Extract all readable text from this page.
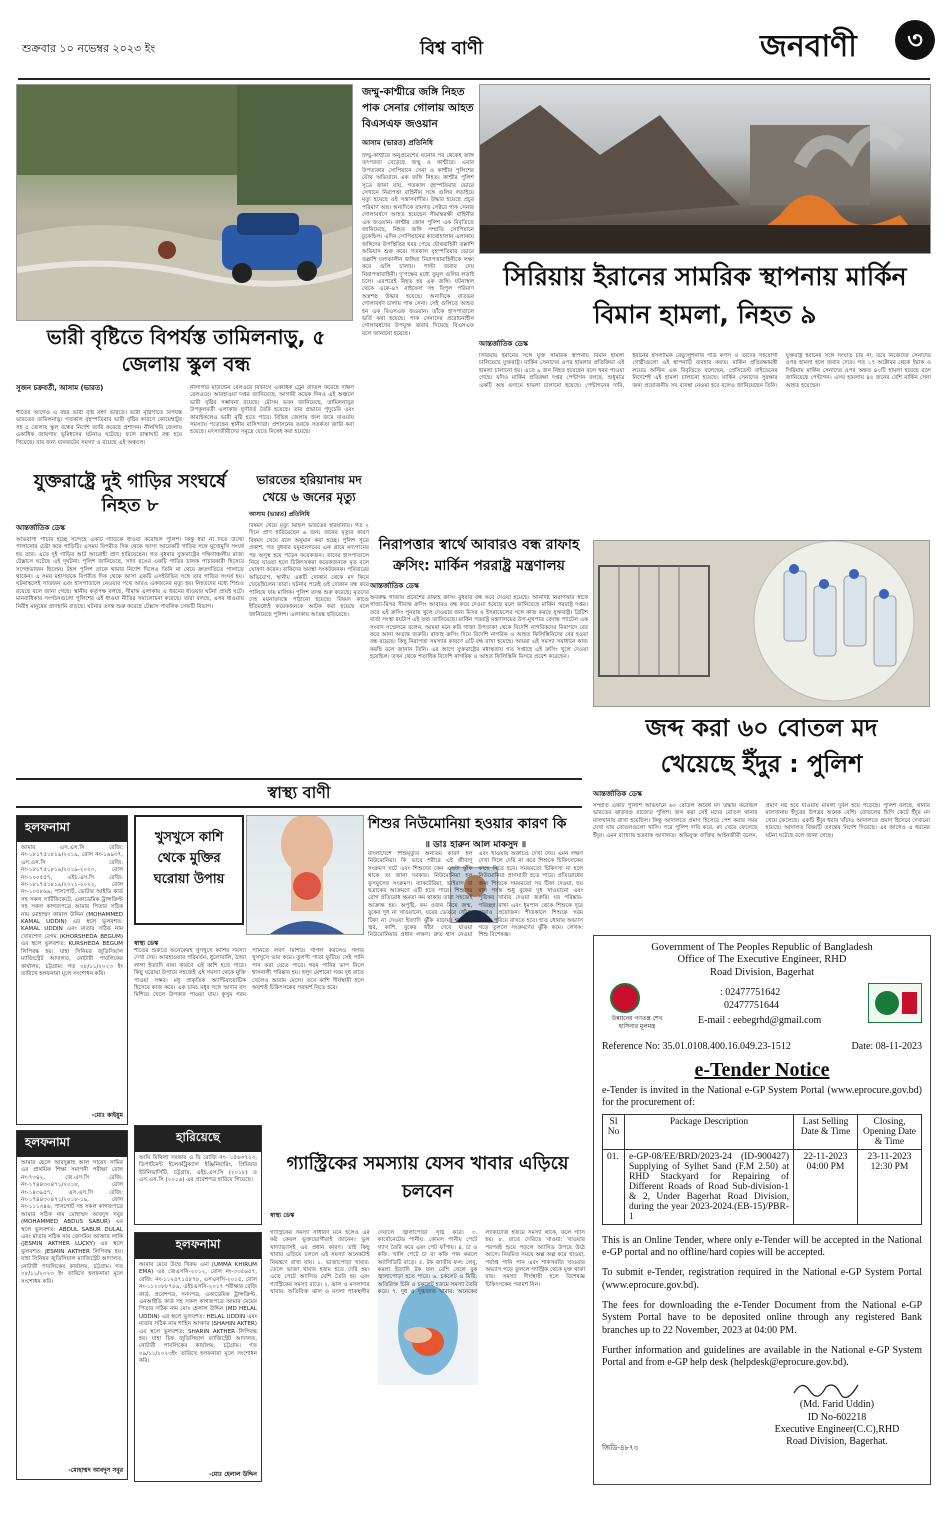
শুক্রবার ১০ নভেম্বর ২০২৩ ইং	বিশ্ব বাণী	জনবাণী	৩
জম্মু-কাশ্মীরে জঙ্গি নিহত পাক সেনার গোলায় আহত বিএসএফ জওয়ান
আসাম (ভারত) প্রতিনিধি
জম্মু-কাশ্মীরে অনুপ্রবেশের ঘটনার পর থেকেই জঙ্গি তৎপরতা বেড়েছে জম্মু ও কাশ্মীরে। এবার উপত্যকার সোপিয়ানে সেনা ও কাশ্মীর পুলিশের যৌথ অভিযানে এক জঙ্গি নিহত। কাশ্মীর পুলিশ সূত্রে জানা যায়, গতকাল বৃহস্পতিবার ভোরে সেখানে নিরাপত্তা বাহিনীর সঙ্গে গুলির লড়াইয়ে মৃত্যু হয়েছে ওই সন্ত্রাসবাদীর। উদ্ধার হয়েছে প্রচুর পরিমাণ অস্ত্র। অন্যদিকে রামগড় সেক্টরে পাক সেনার গোলাবর্ষণে আহত হয়েছেন সীমান্তরক্ষী বাহিনীর এক জওয়ান। কাশ্মীর জোন পুলিশ এক বিবৃতিতে জানিয়েছে, নিহত জঙ্গি সম্প্রতি সোপিয়ানে ঢুকেছিল। এদিন সোপিয়ানের কাথোহালান এলাকায় জঙ্গিদের উপস্থিতির খবর পেয়ে যৌথবাহিনী তল্লাশি অভিযান শুরু করে। গতকাল বৃহস্পতিবার ভোরে তল্লাশি চলাকালীন জঙ্গিরা নিরাপত্তাবাহিনীকে লক্ষ্য করে গুলি চালায়। পাল্টা জবাব দেয় নিরাপত্তাবাহিনী। দু'পক্ষের মধ্যে তুমুল গুলির লড়াই চলে। এরপরেই নিহত হয় এক জঙ্গি। ঘটনাস্থল থেকে একে-৪৭ রাইফেল সহ বিপুল পরিমাণ অস্ত্রশস্ত্র উদ্ধার হয়েছে। অন্যদিকে রাতভর গোলাবর্ষণ চালায় পাক সেনা। সেই গুলিতে আহত হন এক বিএসএফ জওয়ান। তাঁকে হাসপাতালে ভর্তি করা হয়েছে। পাক সেনাদের প্ররোচনাহীন গোলাবর্ষণের উপযুক্ত জবাব দিয়েছে বিএসএফ বলে জানানো হয়েছে।
সিরিয়ায় ইরানের সামরিক স্থাপনায় মার্কিন বিমান হামলা, নিহত ৯
আন্তর্জাতিক ডেস্ক
সিরিয়ায় ইরানের সঙ্গে যুক্ত সামরিক স্থাপনায় বিমান হামলা চালিয়েছে যুক্তরাষ্ট্র। মার্কিন সেনাদের ওপর হামলার প্রতিক্রিয়া এই হামলা চালানো হয়। এতে ৯ জন নিহত হয়েছেন বলে খবর পাওয়া গেছে। যদিও মার্কিন প্রতিরক্ষা দপ্তর পেন্টাগন বলছে, শুধুমাত্র একটি অস্ত্র গুদামে হামলা চালানো হয়েছে। পেন্টাগনের দাবি, ইরানের ইসলামিক রেভ্যুলুশনারি গার্ড কর্পস ও তাদের সহযোগী গোষ্ঠীগুলো এই স্থাপনাটি ব্যবহার করত। মার্কিন প্রতিরক্ষামন্ত্রী লয়েড অস্টিন এক বিবৃতিতে বলেছেন, প্রেসিডেন্ট বাইডেনের নির্দেশেই এই হামলা চালানো হয়েছে। মার্কিন সেনাদের সুরক্ষার জন্য প্রয়োজনীয় সব ব্যবস্থা নেওয়া হবে বলেও জানিয়েছেন তিনি। যুক্তরাষ্ট্র ইরানের সঙ্গে সংঘাত চায় না, তবে নিজেদের সেনাদের ওপর হামলা হলে জবাব দেবে। গত ১৭ অক্টোবর থেকে ইরাক ও সিরিয়ায় মার্কিন সেনাদের ওপর অন্তত ৪০টি হামলা হয়েছে বলে জানিয়েছে পেন্টাগন। এসব হামলায় ৪৫ জনের বেশি মার্কিন সেনা আহত হয়েছেন।
ভারী বৃষ্টিতে বিপর্যস্ত তামিলনাড়ু, ৫ জেলায় স্কুল বন্ধ
সুজন চক্রবর্তী, আসাম (ভারত)
শীতের আগেও এ বছর ভারী বৃষ্টি বর্ষণ ভারতে। ভারী বৃষ্টিপাতে বিপর্যস্ত ভারতের তামিলনাড়ু। গতকাল বৃহস্পতিবার ভারী বৃষ্টির কারণে কোয়েম্বাটুর সহ ৫ জেলায় স্কুল বন্ধের নির্দেশ জারি করেছে প্রশাসন। নীলগিরি জেলায় একাধিক জায়গায় ভূমিধসের ঘটনাও ঘটেছে। ফলে রাস্তাঘাট বন্ধ হয়ে গিয়েছে। যার জন্য যানজটের সমস্যা ও রয়েছে এই অঞ্চলে।
নীলগিরি মাউন্টেন রেলওয়ে বিভাগে একাধিক ট্রেন বাতিল করেছে দক্ষিণ রেলওয়ে। আবহাওয়া দপ্তর জানিয়েছে, আগামী কয়েক দিনও এই অঞ্চলে ভারী বৃষ্টির সম্ভাবনা রয়েছে। মৌসম ভবন জানিয়েছে, তামিলনাড়ুর উপকূলবর্তী এলাকায় ঘূর্ণাবর্ত তৈরি হয়েছে। তার প্রভাবে পুদুচেরি এবং কারাইকলেও ভারী বৃষ্টি হতে পারে। বিভিন্ন জেলায় জল জমে যাওয়ায় সমস্যায় পড়েছেন স্থানীয় বাসিন্দারা। প্রশাসনের তরফে সতর্কতা জারি করা হয়েছে। মৎস্যজীবীদের সমুদ্রে যেতে নিষেধ করা হয়েছে।
যুক্তরাষ্ট্রে দুই গাড়ির সংঘর্ষে নিহত ৮
আন্তর্জাতিক ডেস্ক
অভিবাসী পাচার হচ্ছে সন্দেহে একটি গাড়িকে ধাওয়া করেছিল পুলিশ। কিন্তু ধরা না দিয়ে উল্টো পালানোর চেষ্টা করে গাড়িটি। এসময় বিপরীত দিক থেকে আসা আরেকটি গাড়ির সঙ্গে মুখোমুখি সংঘর্ষ হয় তার। এতে দুই গাড়ির আট আরোহী প্রাণ হারিয়েছেন। গত বুধবার যুক্তরাষ্ট্রের দক্ষিণাঞ্চলীয় রাজ্য টেক্সাসে ঘটেছে এই দুর্ঘটনা। পুলিশ জানিয়েছে, সাদা রঙের একটি গাড়ির চালক পাচারকারী হিসেবে সন্দেহভাজন ছিলেন। টহল পুলিশ তাকে থামার নির্দেশ দিলেও তিনি না থেমে দ্রুতগতিতে পালাতে থাকেন। এ সময় মহাসড়কে বিপরীত দিক থেকে আসা একটি এসইউভির সঙ্গে তার গাড়ির সংঘর্ষ হয়। ঘটনাস্থলেই সাতজন এবং হাসপাতালে নেওয়ার পথে আরও একজনের মৃত্যু হয়। নিহতদের মধ্যে শিশুও রয়েছে বলে জানা গেছে। স্থানীয় কর্তৃপক্ষ বলছে, সীমান্ত এলাকায় এ ধরনের ধাওয়ার ঘটনা প্রায়ই ঘটে। মানবাধিকার সংগঠনগুলো পুলিশের এই ধাওয়া নীতির সমালোচনা করেছে। তারা বলছে, এসব ধাওয়ায় নিরীহ মানুষের প্রাণহানি বাড়ছে। ঘটনার তদন্ত শুরু করেছে টেক্সাস পাবলিক সেফটি বিভাগ।
ভারতের হরিয়ানায় মদ খেয়ে ৬ জনের মৃত্যু
আসাম (ভারত) প্রতিনিধি
বিষমদ খেয়ে মৃত্যু মিছিল ভারতের হরিয়ানায়। গত ২ দিনে প্রাণ হারিয়েছেন ৬ জন। জনের মৃত্যুর কারণ বিষমদ খেয়ে বলে অনুমান করা হচ্ছে। পুলিশ সূত্রে প্রকাশ, গত বুধবার যমুনানগরের এক গ্রামে মদ্যপানের পর অসুস্থ হয়ে পড়েন কয়েকজন। তাদের হাসপাতালে নিয়ে যাওয়া হলে চিকিৎসকরা কয়েকজনকে মৃত বলে ঘোষণা করেন। বাকিদের অবস্থা সংকটজনক। পরিবারের অভিযোগ, স্থানীয় একটি দোকান থেকে মদ কিনে খেয়েছিলেন তারা। ঘটনার পরেই ওই দোকান বন্ধ করে পালিয়ে যায় মালিক। পুলিশ তদন্ত শুরু করেছে। মৃতদের দেহ ময়নাতদন্তে পাঠানো হয়েছে। বিষমদ কাণ্ডে ইতিমধ্যেই কয়েকজনকে আটক করা হয়েছে বলে জানিয়েছে পুলিশ। এলাকায় আতঙ্ক ছড়িয়েছে।
নিরাপত্তার স্বার্থে আবারও বন্ধ রাফাহ ক্রসিং: মার্কিন পররাষ্ট্র মন্ত্রণালয়
আন্তর্জাতিক ডেস্ক
অবরুদ্ধ গাজায় প্রবেশের রাফাহ ক্রসিং বুধবার বন্ধ করে দেওয়া হয়েছে। অনির্দিষ্ট নিরাপত্তার স্বার্থে গাজা-মিসর সীমান্ত ক্রসিং আবারও বন্ধ করে দেওয়া হয়েছে বলে জানিয়েছে মার্কিন পররাষ্ট্র দপ্তর। তবে এই ক্রসিং পুনরায় খুলে দেওয়ার জন্য মিসর ও ইসরায়েলের সঙ্গে কাজ করছে যুক্তরাষ্ট্র। ব্রিটিশ বার্তা সংস্থা রয়টার্স এই তথ্য জানিয়েছে। মার্কিন পররাষ্ট্র মন্ত্রণালয়ের উপ-মুখপাত্র বেদান্ত প্যাটেল এক সংবাদ সম্মেলনে বলেন, আমরা মনে করি গাজা উপত্যকা থেকে বিদেশি নাগরিকদের নিরাপদে বের করে আনা অত্যন্ত জরুরি। রাফাহ ক্রসিং দিয়ে বিদেশি নাগরিক ও আহত ফিলিস্তিনিদের বের হওয়া বন্ধ রয়েছে। কিছু নিরাপত্তা সমস্যার কারণে এটি বন্ধ রাখা হয়েছে। আমরা এই সমস্যা সমাধানে কাজ করছি বলে জানান তিনি। এর আগে যুক্তরাষ্ট্রের মধ্যস্থতায় গত সপ্তাহে এই ক্রসিং খুলে দেওয়া হয়েছিল। তখন থেকে শতাধিক বিদেশি নাগরিক ও আহত ফিলিস্তিনি মিসরে প্রবেশ করেছেন।
জব্দ করা ৬০ বোতল মদ খেয়েছে ইঁদুর : পুলিশ
আন্তর্জাতিক ডেস্ক
সম্প্রতি একটি পুলিশি অভিযানে ৬০ বোতল অবৈধ মদ উদ্ধার করেছিল ভারতের ঝাড়খণ্ড রাজ্যের পুলিশ। জব্দ করা সেই মদের বোতল থানার মালখানায় রাখা হয়েছিল। কিন্তু আদালতে প্রমাণ হিসেবে পেশ করার সময় দেখা যায় বোতলগুলো খালি। পরে পুলিশ দাবি করে, মদ খেয়ে ফেলেছে ইঁদুর। এমন ব্যাখ্যায় হতবাক আদালত। অভিযুক্ত ব্যক্তির আইনজীবী বলেন, প্রমাণ নষ্ট হয়ে যাওয়ায় মামলা দুর্বল হয়ে পড়েছে। পুলিশ বলছে, থানার মালখানায় ইঁদুরের উপদ্রব অনেক বেশি। বোতলের ছিপি কেটে ইঁদুর মদ খেয়ে ফেলেছে। একটি ইঁদুর ধরার খাঁচাও আদালতে প্রমাণ হিসেবে দেখানো হয়েছে। আদালত বিষয়টি তদন্তের নির্দেশ দিয়েছে। এর আগেও এ ধরনের ঘটনা ঘটেছে বলে জানা গেছে।
স্বাস্থ্য বাণী
হলফনামা
আমার এস.এস.সি রেজি: নং-১৮১৭৫১৮১৯/২০১৯, রোল নং-১৬৯৩৭, এস.এস.সি রেজি: নং-১৮১৭৫১৮১৯/২০১৯-২০২০, রোল নং-১০০৫৫৭, এইচ.এস.সি রেজি: নং-১৮১৭৫১৮১৯/২০২১-২০২২, রোল নং-১০৫৮৬৯, পাসপোর্ট, ভোটার আইডি কার্ড সহ সকল সার্টিফিকেটে, একাডেমিক ট্রান্সক্রিপ্ট সহ সকল কাগজপত্রে আমার পিতার সঠিক নাম মোহাম্মদ কামাল উদ্দিন (MOHAMMED KAMAL UDDIN) এর স্থলে ভুলবশত: KAMAL UDDIN এবং মাতার সঠিক নাম খোরশেদা বেগম (KHORSHEDA BEGUM) এর স্থলে ভুলবশত: KURSHEDA BEGUM লিপিবদ্ধ হয়। যাহা সিনিয়র জুডিসিয়াল ম্যাজিস্ট্রেট আদালত, নোটারী পাবলিকের কার্যালয়, চট্টগ্রাম। গত ০৮/১১/২০২৩ ইং তারিখে হলফনামা মূলে সংশোধন করি।
-মোঃ কাইয়ুম
হলফনামা
আমার ছেলে আবদুল্লাহ আল সায়েদ সামির এর প্রাথমিক শিক্ষা সমাপনী পরীক্ষা রোল নং-৭৩৪২, জে.এস.সি রেজি: নং-১৭৪৪৩০৪৭১/২০১৮, রোল নং-১৪৩৯৫৭, এস.এস.সি রেজি: নং-১৭৪৪৩০৪৭১/২০১৮-১৯, রোল নং-১১১৩৪৬, পাসপোর্ট সহ সকল কাগজপত্রে আমার সঠিক নাম মোহাম্মদ আবদুস সবুর (MOHAMMED ABDUS SABUR) এর স্থলে ভুলবশত: ABDUL SABUR DULAL এবং মাতার সঠিক নাম জেসমিন আক্তার লাকি (JESMIN AKTHER LUCKY) এর স্থলে ভুলবশত: JESMIN AKTHER লিপিবদ্ধ হয়। যাহা সিনিয়র জুডিসিয়াল ম্যাজিস্ট্রেট আদালত, নোটারী পাবলিকের কার্যালয়, চট্টগ্রাম। গত ০৮/১১/২০২৩ ইং তারিখে হলফনামা মূলে সংশোধন করি।
-মোহাম্মদ আবদুস সবুর
খুসখুসে কাশি থেকে মুক্তির ঘরোয়া উপায়
স্বাস্থ্য ডেস্ক
শীতের শুরুতে অনেকেরই খুসখুসে কাশির সমস্যা দেখা দেয়। আবহাওয়ার পরিবর্তন, ধুলোবালি, ঠান্ডা লাগা ইত্যাদি নানা কারণে এই কাশি হতে পারে। কিছু ঘরোয়া উপায়ে সহজেই এই সমস্যা থেকে মুক্তি পাওয়া সম্ভব। মধু প্রাকৃতিক অ্যান্টিবায়োটিক হিসেবে কাজ করে। এক চামচ মধুর সঙ্গে আদার রস মিশিয়ে খেলে উপকার পাওয়া যায়। কুসুম গরম পানিতে লবণ মিশিয়ে গার্গল করলেও গলার খুসখুসে ভাব কমে। তুলসী পাতা ফুটিয়ে সেই পানি পান করা যেতে পারে। গরম পানির ভাপ নিলে শ্বাসনালী পরিষ্কার হয়। হলুদ মেশানো গরম দুধ রাতে খেলেও আরাম মেলে। তবে কাশি দীর্ঘস্থায়ী হলে অবশ্যই চিকিৎসকের পরামর্শ নিতে হবে।
হারিয়েছে
আমি মিথিলা সরকার ও দ্বি রোজি নং- ১৫৬৩৭২৩, ডিপার্টমেন্ট ইলেকট্রিক্যাল ইঞ্জিনিয়ারিং, প্রিমিয়ার ইউনিভার্সিটি, চট্টগ্রাম, এইচ.এস.সি (২০১৮) ও এস.এস.সি (২০১৬) এর প্রবেশপত্র হারিয়ে গিয়েছে।
হলফনামা
আমার মেয়ে উম্মে খিরুম এমা (UMMA KHIRUM EMA) এর জেএসসি-২০১২, রোল নং-৩৩৫৬৫৭, রেজি: নং-১১২৫৭১৫৮৭৮, এসএসসি-২০১৫, রোল নং-১১২০৮৮৭৮৯, এইচএসসি-২০১৭ পরীক্ষার রেজি কার্ড, প্রবেশপত্র, সনদপত্র, একাডেমিক ট্রান্সক্রিপ্ট, এনআইডি কার্ড সহ সকল কাগজপত্রে আমার মেয়ের পিতার সঠিক নাম মোঃ হেলাল উদ্দিন (MD HELAL UDDIN) এর স্থলে ভুলবশত: HELAL UDDIN এবং মাতার সঠিক নাম শাহিন আক্তার (SHAHIN AKTER) এর স্থলে ভুলবশত: SHARIN AKTHER লিপিবদ্ধ হয়। যাহা চিফ জুডিসিয়াল ম্যাজিস্ট্রেট আদালত, নোটারী পাবলিকের কার্যালয়, চট্টগ্রাম। গত ০৯/১১/২০২৩ইং তারিখে হলফনামা মূলে সংশোধন করি।
-মোঃ হেলাল উদ্দিন
শিশুর নিউমোনিয়া হওয়ার কারণ কি
॥ ডাঃ হারুন আল মাকসুদ ॥
বাংলাদেশে শিশুমৃত্যুর অন্যতম কারণ হল নিউমোনিয়া। কি ভাবে শরীরে এই জীবাণু সংক্রমণ ঘটে এবং শিশুদের কেন এতটা ঝুঁকি থাকে তা জানা দরকার। নিউমোনিয়া হল ফুসফুসের সংক্রমণ। ব্যাকটেরিয়া, ভাইরাস বা ছত্রাকের আক্রমণে এটি হতে পারে। শিশুদের রোগ প্রতিরোধ ক্ষমতা কম থাকায় তারা সহজেই আক্রান্ত হয়। অপুষ্টি, কম ওজন নিয়ে জন্ম, বুকের দুধ না খাওয়ানো, ঘরের ভেতরে ধোঁয়া, টিকা না দেওয়া ইত্যাদি ঝুঁকি বাড়ায়। শ্বাসকষ্ট, জ্বর, কাশি, বুকের খাঁচা দেবে যাওয়া নিউমোনিয়ার প্রধান লক্ষণ। দ্রুত শ্বাস নেওয়া এবং খাওয়ায় অরুচিও দেখা দেয়। এমন লক্ষণ দেখা দিলে দেরি না করে শিশুকে চিকিৎসকের কাছে নিতে হবে। সময়মতো চিকিৎসা না হলে নিউমোনিয়া প্রাণঘাতী হতে পারে। প্রতিরোধের জন্য শিশুকে সময়মতো সব টিকা দেওয়া, ছয় মাস পর্যন্ত শুধু বুকের দুধ খাওয়ানো এবং পুষ্টিকর খাবার দেওয়া জরুরি। ঘর পরিষ্কার-পরিচ্ছন্ন রাখা এবং ধূমপান থেকে শিশুকে দূরে রাখাও প্রয়োজন। শীতকালে শিশুকে গরম কাপড় পরিয়ে রাখতে হবে। হাত ধোয়ার অভ্যাস গড়ে তুললে সংক্রমণের ঝুঁকি কমে। লেখক: শিশু বিশেষজ্ঞ।
গ্যাস্ট্রিকের সমস্যায় যেসব খাবার এড়িয়ে চলবেন
স্বাস্থ্য ডেস্ক
গ্যাস্ট্রিকের সমস্যা সাধারণ মনে হলেও এর কষ্ট কেবল ভুক্তভোগীরাই জানেন। ভুল খাদ্যাভ্যাসই এর প্রধান কারণ। তাই কিছু খাবার এড়িয়ে চললে এই সমস্যা অনেকটাই নিয়ন্ত্রণে রাখা যায়। ১. ভাজাপোড়া খাবার: তেলে ভাজা খাবার হজম হতে দেরি হয়। এতে পেটে অ্যাসিড বেশি তৈরি হয় এবং গ্যাস্ট্রিকের সমস্যা বাড়ে। ২. ঝাল ও মসলাদার খাবার: অতিরিক্ত ঝাল ও মসলা পাকস্থলীর দেয়ালে জ্বালাপোড়া সৃষ্টি করে। ৩. কার্বোনেটেড পানীয়: কোমল পানীয় পেটে গ্যাস তৈরি করে এবং পেট ফাঁপায়। ৪. চা ও কফি: খালি পেটে চা বা কফি পান করলে অ্যাসিডিটি বাড়ে। ৫. টক জাতীয় ফল: লেবু, কমলা ইত্যাদি টক ফল বেশি খেলে বুক জ্বালাপোড়া হতে পারে। ৬. চকলেট ও মিষ্টি: অতিরিক্ত চিনি ও চকলেট হজমে সমস্যা তৈরি করে। ৭. দুধ ও দুগ্ধজাত খাবার: অনেকের ল্যাকটোজ হজমে সমস্যা থাকে, ফলে গ্যাস হয়। ৮. রাতে দেরিতে খাওয়া: খাওয়ার পরপরই শুয়ে পড়লে অ্যাসিড উপরে উঠে আসে। নিয়মিত সময়ে অল্প অল্প করে খাওয়া, পর্যাপ্ত পানি পান এবং শাকসবজি খাওয়ার অভ্যাস গড়ে তুললে গ্যাস্ট্রিক থেকে মুক্ত থাকা যায়। সমস্যা দীর্ঘস্থায়ী হলে বিশেষজ্ঞ চিকিৎসকের পরামর্শ নিন।
Government of The Peoples Republic of Bangladesh
Office of The Executive Engineer, RHD
Road Division, Bagerhat
উন্নয়নের গণতন্ত্র শেখ হাসিনার মূলমন্ত্র
: 02477751642
02477751644
E-mail : eebegrhd@gmail.com
Reference No: 35.01.0108.400.16.049.23-1512	Date: 08-11-2023
e-Tender Notice
e-Tender is invited in the National e-GP System Portal (www.eprocure.gov.bd) for the procurement of:
Sl No	Package Description	Last Selling Date & Time	Closing, Opening Date & Time
01.	e-GP-08/EE/BRD/2023-24 (ID-900427) Supplying of Sylhet Sand (F.M 2.50) at RHD Stackyard for Repairing of Different Roads of Road Sub-division-1 & 2, Under Bagerhat Road Division, during the year 2023-2024.(EB-15)/PBR-1	22-11-2023 04:00 PM	23-11-2023 12:30 PM
This is an Online Tender, where only e-Tender will be accepted in the National e-GP portal and no offline/hard copies will be accepted.
To submit e-Tender, registration required in the National e-GP System Portal (www.eprocure.gov.bd).
The fees for downloading the e-Tender Document from the National e-GP System Portal have to be deposited online through any registered Bank branches up to 22 November, 2023 at 04:00 PM.
Further information and guidelines are available in the National e-GP System Portal and from e-GP help desk (helpdesk@eprocure.gov.bd).
(Md. Farid Uddin)
ID No-602218
Executive Engineer(C.C),RHD
Road Division, Bagerhat.
জিডি-৪৮৭৩
